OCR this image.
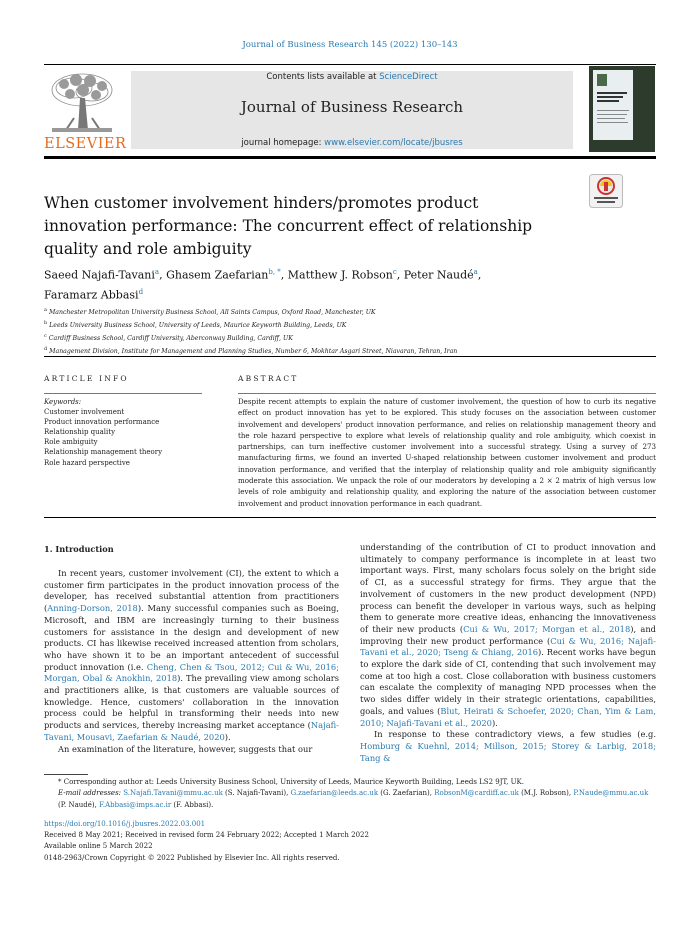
Journal of Business Research 145 (2022) 130–143
ELSEVIER
Contents lists available at ScienceDirect
Journal of Business Research
journal homepage: www.elsevier.com/locate/jbusres
When customer involvement hinders/promotes product innovation performance: The concurrent effect of relationship quality and role ambiguity
Saeed Najafi-Tavani$^a$, Ghasem Zaefarian$^{b, *}$, Matthew J. Robson$^c$, Peter Naudé$^a$,
Faramarz Abbasi$^d$
$^a$ Manchester Metropolitan University Business School, All Saints Campus, Oxford Road, Manchester, UK
$^b$ Leeds University Business School, University of Leeds, Maurice Keyworth Building, Leeds, UK
$^c$ Cardiff Business School, Cardiff University, Aberconway Building, Cardiff, UK
$^d$ Management Division, Institute for Management and Planning Studies, Number 6, Mokhtar Asgari Street, Niavaran, Tehran, Iran
ARTICLE INFO	ABSTRACT
Keywords:
Customer involvement
Product innovation performance
Relationship quality
Role ambiguity
Relationship management theory
Role hazard perspective
Despite recent attempts to explain the nature of customer involvement, the question of how to curb its negative effect on product innovation has yet to be explored. This study focuses on the association between customer involvement and developers' product innovation performance, and relies on relationship management theory and the role hazard perspective to explore what levels of relationship quality and role ambiguity, which coexist in partnerships, can turn ineffective customer involvement into a successful strategy. Using a survey of 273 manufacturing firms, we found an inverted U-shaped relationship between customer involvement and product innovation performance, and verified that the interplay of relationship quality and role ambiguity significantly moderate this association. We unpack the role of our moderators by developing a 2 × 2 matrix of high versus low levels of role ambiguity and relationship quality, and exploring the nature of the association between customer involvement and product innovation performance in each quadrant.
1. Introduction

In recent years, customer involvement (CI), the extent to which a customer firm participates in the product innovation process of the developer, has received substantial attention from practitioners (Anning-Dorson, 2018). Many successful companies such as Boeing, Microsoft, and IBM are increasingly turning to their business customers for assistance in the design and development of new products. CI has likewise received increased attention from scholars, who have shown it to be an important antecedent of successful product innovation (i.e. Cheng, Chen & Tsou, 2012; Cui & Wu, 2016; Morgan, Obal & Anokhin, 2018). The prevailing view among scholars and practitioners alike, is that customers are valuable sources of knowledge. Hence, customers' collaboration in the innovation process could be helpful in transforming their needs into new products and services, thereby increasing market acceptance (Najafi-Tavani, Mousavi, Zaefarian & Naudé, 2020).

An examination of the literature, however, suggests that our

understanding of the contribution of CI to product innovation and ultimately to company performance is incomplete in at least two important ways. First, many scholars focus solely on the bright side of CI, as a successful strategy for firms. They argue that the involvement of customers in the new product development (NPD) process can benefit the developer in various ways, such as helping them to generate more creative ideas, enhancing the innovativeness of their new products (Cui & Wu, 2017; Morgan et al., 2018), and improving their new product performance (Cui & Wu, 2016; Najafi-Tavani et al., 2020; Tseng & Chiang, 2016). Recent works have begun to explore the dark side of CI, contending that such involvement may come at too high a cost. Close collaboration with business customers can escalate the complexity of managing NPD processes when the two sides differ widely in their strategic orientations, capabilities, goals, and values (Blut, Heirati & Schoefer, 2020; Chan, Yim & Lam, 2010; Najafi-Tavani et al., 2020).

In response to these contradictory views, a few studies (e.g. Homburg & Kuehnl, 2014; Millson, 2015; Storey & Larbig, 2018; Tang &

* Corresponding author at: Leeds University Business School, University of Leeds, Maurice Keyworth Building, Leeds LS2 9JT, UK.
E-mail addresses: S.Najafi.Tavani@mmu.ac.uk (S. Najafi-Tavani), G.zaefarian@leeds.ac.uk (G. Zaefarian), RobsonM@cardiff.ac.uk (M.J. Robson), P.Naude@mmu.ac.uk (P. Naudé), F.Abbasi@imps.ac.ir (F. Abbasi).
https://doi.org/10.1016/j.jbusres.2022.03.001
Received 8 May 2021; Received in revised form 24 February 2022; Accepted 1 March 2022
Available online 5 March 2022
0148-2963/Crown Copyright © 2022 Published by Elsevier Inc. All rights reserved.
